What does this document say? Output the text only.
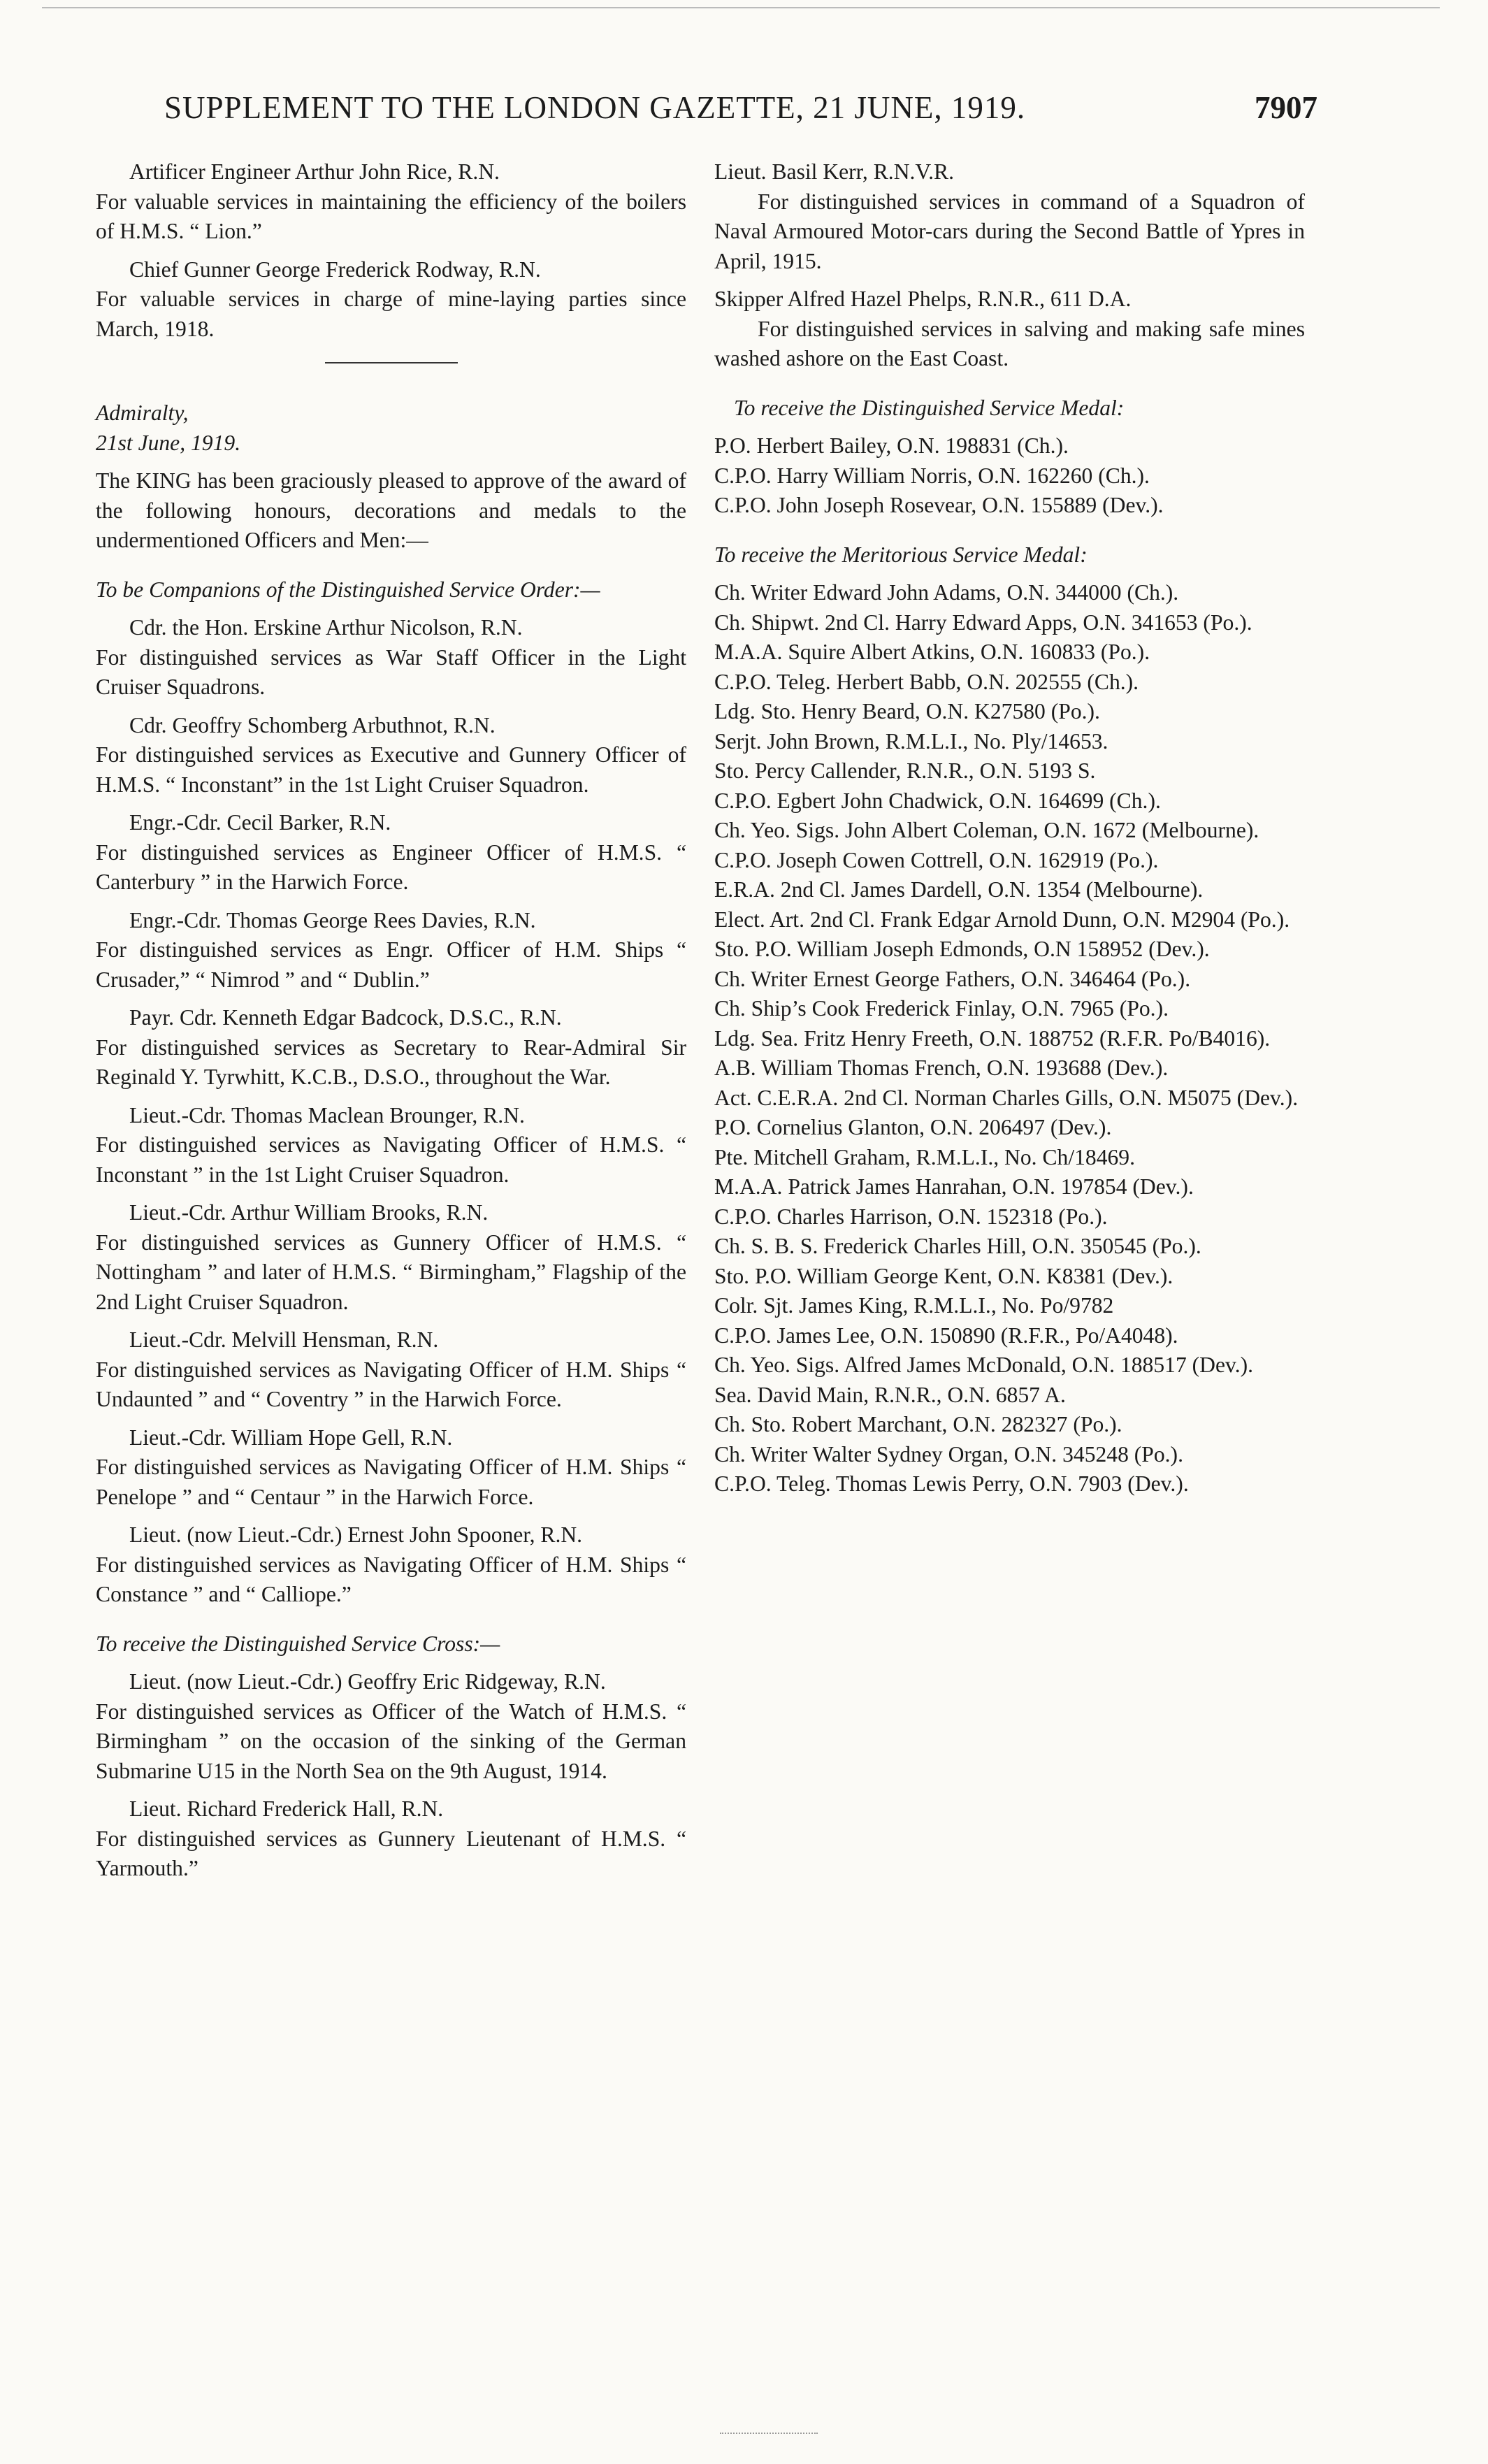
SUPPLEMENT TO THE LONDON GAZETTE, 21 JUNE, 1919.	7907

Artificer Engineer Arthur John Rice, R.N.

For valuable services in maintaining the efficiency of the boilers of H.M.S. “ Lion.”

Chief Gunner George Frederick Rodway, R.N.

For valuable services in charge of mine-laying parties since March, 1918.

Admiralty,

21st June, 1919.

The KING has been graciously pleased to approve of the award of the following honours, decorations and medals to the undermentioned Officers and Men:—

To be Companions of the Distinguished Service Order:—

Cdr. the Hon. Erskine Arthur Nicolson, R.N.

For distinguished services as War Staff Officer in the Light Cruiser Squadrons.

Cdr. Geoffry Schomberg Arbuthnot, R.N.

For distinguished services as Executive and Gunnery Officer of H.M.S. “ Inconstant” in the 1st Light Cruiser Squadron.

Engr.-Cdr. Cecil Barker, R.N.

For distinguished services as Engineer Officer of H.M.S. “ Canterbury ” in the Harwich Force.

Engr.-Cdr. Thomas George Rees Davies, R.N.

For distinguished services as Engr. Officer of H.M. Ships “ Crusader,” “ Nimrod ” and “ Dublin.”

Payr. Cdr. Kenneth Edgar Badcock, D.S.C., R.N.

For distinguished services as Secretary to Rear-Admiral Sir Reginald Y. Tyrwhitt, K.C.B., D.S.O., throughout the War.

Lieut.-Cdr. Thomas Maclean Brounger, R.N.

For distinguished services as Navigating Officer of H.M.S. “ Inconstant ” in the 1st Light Cruiser Squadron.

Lieut.-Cdr. Arthur William Brooks, R.N.

For distinguished services as Gunnery Officer of H.M.S. “ Nottingham ” and later of H.M.S. “ Birmingham,” Flagship of the 2nd Light Cruiser Squadron.

Lieut.-Cdr. Melvill Hensman, R.N.

For distinguished services as Navigating Officer of H.M. Ships “ Undaunted ” and “ Coventry ” in the Harwich Force.

Lieut.-Cdr. William Hope Gell, R.N.

For distinguished services as Navigating Officer of H.M. Ships “ Penelope ” and “ Centaur ” in the Harwich Force.

Lieut. (now Lieut.-Cdr.) Ernest John Spooner, R.N.

For distinguished services as Navigating Officer of H.M. Ships “ Constance ” and “ Calliope.”

To receive the Distinguished Service Cross:—

Lieut. (now Lieut.-Cdr.) Geoffry Eric Ridgeway, R.N.

For distinguished services as Officer of the Watch of H.M.S. “ Birmingham ” on the occasion of the sinking of the German Submarine U15 in the North Sea on the 9th August, 1914.

Lieut. Richard Frederick Hall, R.N.

For distinguished services as Gunnery Lieutenant of H.M.S. “ Yarmouth.”

Lieut. Basil Kerr, R.N.V.R.

For distinguished services in command of a Squadron of Naval Armoured Motor-cars during the Second Battle of Ypres in April, 1915.

Skipper Alfred Hazel Phelps, R.N.R., 611 D.A.

For distinguished services in salving and making safe mines washed ashore on the East Coast.

To receive the Distinguished Service Medal:

P.O. Herbert Bailey, O.N. 198831 (Ch.).

C.P.O. Harry William Norris, O.N. 162260 (Ch.).

C.P.O. John Joseph Rosevear, O.N. 155889 (Dev.).

To receive the Meritorious Service Medal:

Ch. Writer Edward John Adams, O.N. 344000 (Ch.).

Ch. Shipwt. 2nd Cl. Harry Edward Apps, O.N. 341653 (Po.).

M.A.A. Squire Albert Atkins, O.N. 160833 (Po.).

C.P.O. Teleg. Herbert Babb, O.N. 202555 (Ch.).

Ldg. Sto. Henry Beard, O.N. K27580 (Po.).

Serjt. John Brown, R.M.L.I., No. Ply/14653.

Sto. Percy Callender, R.N.R., O.N. 5193 S.

C.P.O. Egbert John Chadwick, O.N. 164699 (Ch.).

Ch. Yeo. Sigs. John Albert Coleman, O.N. 1672 (Melbourne).

C.P.O. Joseph Cowen Cottrell, O.N. 162919 (Po.).

E.R.A. 2nd Cl. James Dardell, O.N. 1354 (Melbourne).

Elect. Art. 2nd Cl. Frank Edgar Arnold Dunn, O.N. M2904 (Po.).

Sto. P.O. William Joseph Edmonds, O.N 158952 (Dev.).

Ch. Writer Ernest George Fathers, O.N. 346464 (Po.).

Ch. Ship’s Cook Frederick Finlay, O.N. 7965 (Po.).

Ldg. Sea. Fritz Henry Freeth, O.N. 188752 (R.F.R. Po/B4016).

A.B. William Thomas French, O.N. 193688 (Dev.).

Act. C.E.R.A. 2nd Cl. Norman Charles Gills, O.N. M5075 (Dev.).

P.O. Cornelius Glanton, O.N. 206497 (Dev.).

Pte. Mitchell Graham, R.M.L.I., No. Ch/18469.

M.A.A. Patrick James Hanrahan, O.N. 197854 (Dev.).

C.P.O. Charles Harrison, O.N. 152318 (Po.).

Ch. S. B. S. Frederick Charles Hill, O.N. 350545 (Po.).

Sto. P.O. William George Kent, O.N. K8381 (Dev.).

Colr. Sjt. James King, R.M.L.I., No. Po/9782

C.P.O. James Lee, O.N. 150890 (R.F.R., Po/A4048).

Ch. Yeo. Sigs. Alfred James McDonald, O.N. 188517 (Dev.).

Sea. David Main, R.N.R., O.N. 6857 A.

Ch. Sto. Robert Marchant, O.N. 282327 (Po.).

Ch. Writer Walter Sydney Organ, O.N. 345248 (Po.).

C.P.O. Teleg. Thomas Lewis Perry, O.N. 7903 (Dev.).
